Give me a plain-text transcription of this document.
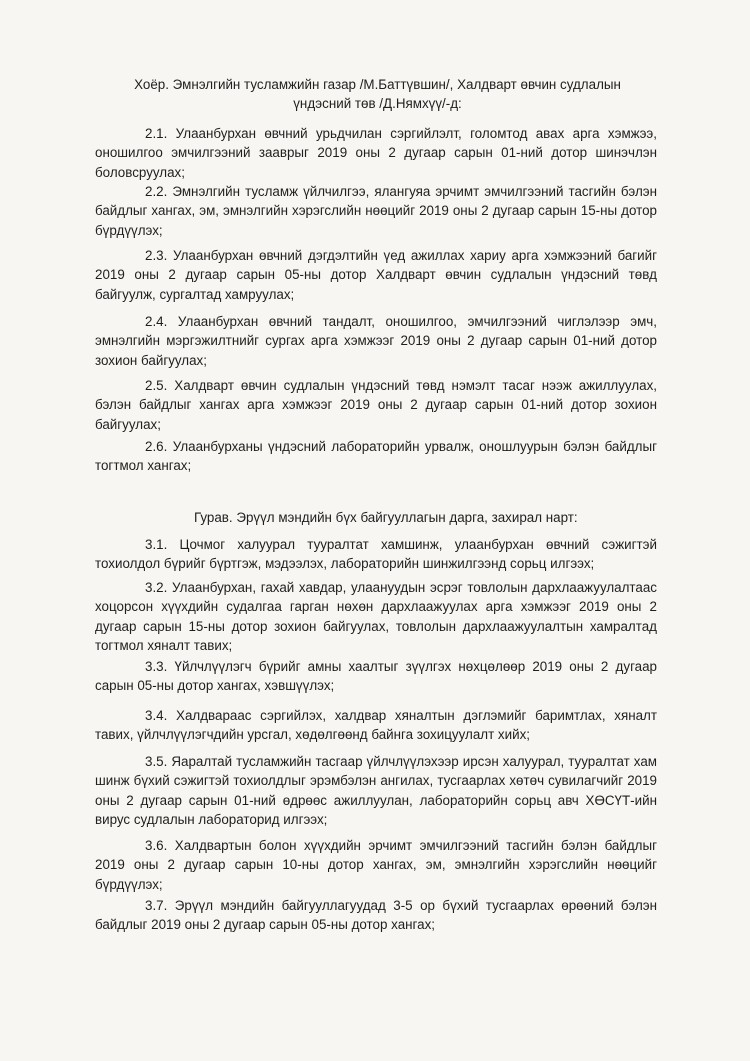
Хоёр. Эмнэлгийн тусламжийн газар /М.Баттүвшин/, Халдварт өвчин судлалын
үндэсний төв /Д.Нямхүү/-д:
2.1. Улаанбурхан өвчний урьдчилан сэргийлэлт, голомтод авах арга хэмжээ, оношилгоо эмчилгээний зааврыг 2019 оны 2 дугаар сарын 01-ний дотор шинэчлэн боловсруулах;
2.2. Эмнэлгийн тусламж үйлчилгээ, ялангуяа эрчимт эмчилгээний тасгийн бэлэн байдлыг хангах, эм, эмнэлгийн хэрэгслийн нөөцийг 2019 оны 2 дугаар сарын 15-ны дотор бүрдүүлэх;
2.3. Улаанбурхан өвчний дэгдэлтийн үед ажиллах хариу арга хэмжээний багийг 2019 оны 2 дугаар сарын 05-ны дотор Халдварт өвчин судлалын үндэсний төвд байгуулж, сургалтад хамруулах;
2.4. Улаанбурхан өвчний тандалт, оношилгоо, эмчилгээний чиглэлээр эмч, эмнэлгийн мэргэжилтнийг сургах арга хэмжээг 2019 оны 2 дугаар сарын 01-ний дотор зохион байгуулах;
2.5. Халдварт өвчин судлалын үндэсний төвд нэмэлт тасаг нээж ажиллуулах, бэлэн байдлыг хангах арга хэмжээг 2019 оны 2 дугаар сарын 01-ний дотор зохион байгуулах;
2.6. Улаанбурханы үндэсний лабораторийн урвалж, оношлуурын бэлэн байдлыг тогтмол хангах;
Гурав. Эрүүл мэндийн бүх байгууллагын дарга, захирал нарт:
3.1. Цочмог халуурал тууралтат хамшинж, улаанбурхан өвчний сэжигтэй тохиолдол бүрийг бүртгэж, мэдээлэх, лабораторийн шинжилгээнд сорьц илгээх;
3.2. Улаанбурхан, гахай хавдар, улаануудын эсрэг товлолын дархлаажуулалтаас хоцорсон хүүхдийн судалгаа гарган нөхөн дархлаажуулах арга хэмжээг 2019 оны 2 дугаар сарын 15-ны дотор зохион байгуулах, товлолын дархлаажуулалтын хамралтад тогтмол хяналт тавих;
3.3. Үйлчлүүлэгч бүрийг амны хаалтыг зүүлгэх нөхцөлөөр 2019 оны 2 дугаар сарын 05-ны дотор хангах, хэвшүүлэх;
3.4. Халдвараас сэргийлэх, халдвар хяналтын дэглэмийг баримтлах, хяналт тавих, үйлчлүүлэгчдийн урсгал, хөдөлгөөнд байнга зохицуулалт хийх;
3.5. Яаралтай тусламжийн тасгаар үйлчлүүлэхээр ирсэн халуурал, тууралтат хам шинж бүхий сэжигтэй тохиолдлыг эрэмбэлэн ангилах, тусгаарлах хөтөч сувилагчийг 2019 оны 2 дугаар сарын 01-ний өдрөөс ажиллуулан, лабораторийн сорьц авч ХӨСҮТ-ийн вирус судлалын лабораторид илгээх;
3.6. Халдвартын болон хүүхдийн эрчимт эмчилгээний тасгийн бэлэн байдлыг 2019 оны 2 дугаар сарын 10-ны дотор хангах, эм, эмнэлгийн хэрэгслийн нөөцийг бүрдүүлэх;
3.7. Эрүүл мэндийн байгууллагуудад 3-5 ор бүхий тусгаарлах өрөөний бэлэн байдлыг 2019 оны 2 дугаар сарын 05-ны дотор хангах;
